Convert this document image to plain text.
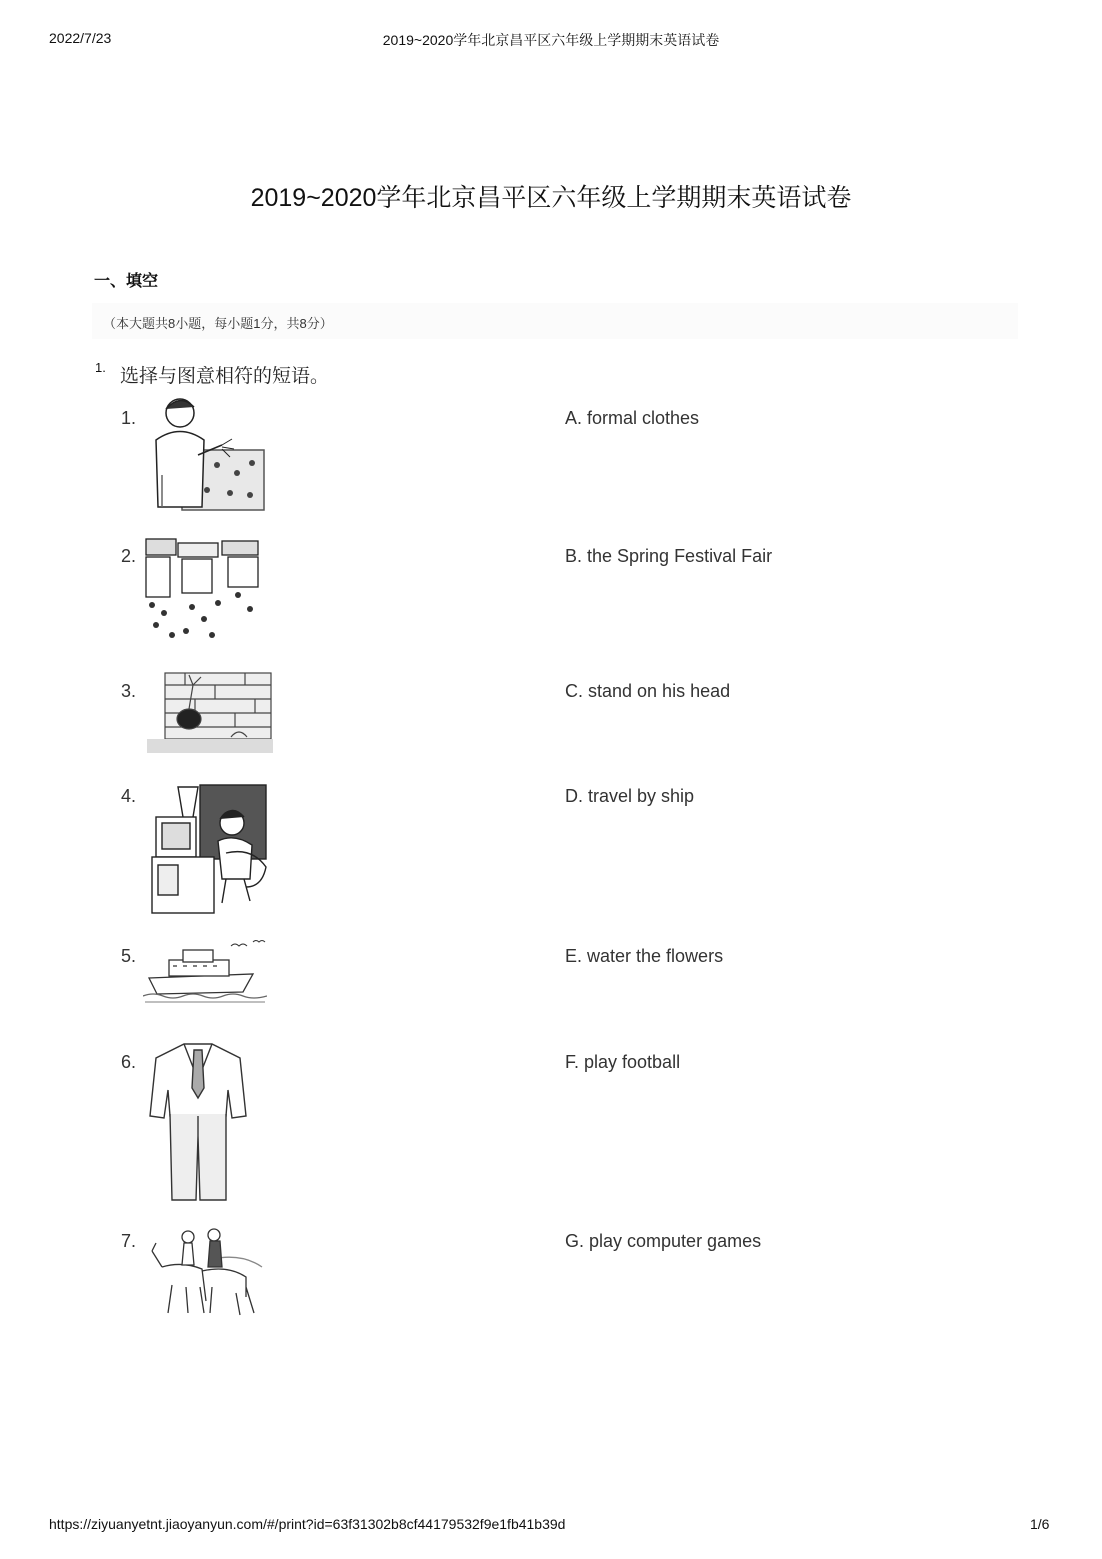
2022/7/23	2019~2020学年北京昌平区六年级上学期期末英语试卷
2019~2020学年北京昌平区六年级上学期期末英语试卷
一、填空
（本大题共8小题，每小题1分，共8分）
1. 选择与图意相符的短语。
1.
2.
3.
4.
5.
6.
7.
A. formal clothes
B. the Spring Festival Fair
C. stand on his head
D. travel by ship
E. water the flowers
F. play football
G. play computer games
https://ziyuanyetnt.jiaoyanyun.com/#/print?id=63f31302b8cf44179532f9e1fb41b39d	1/6
